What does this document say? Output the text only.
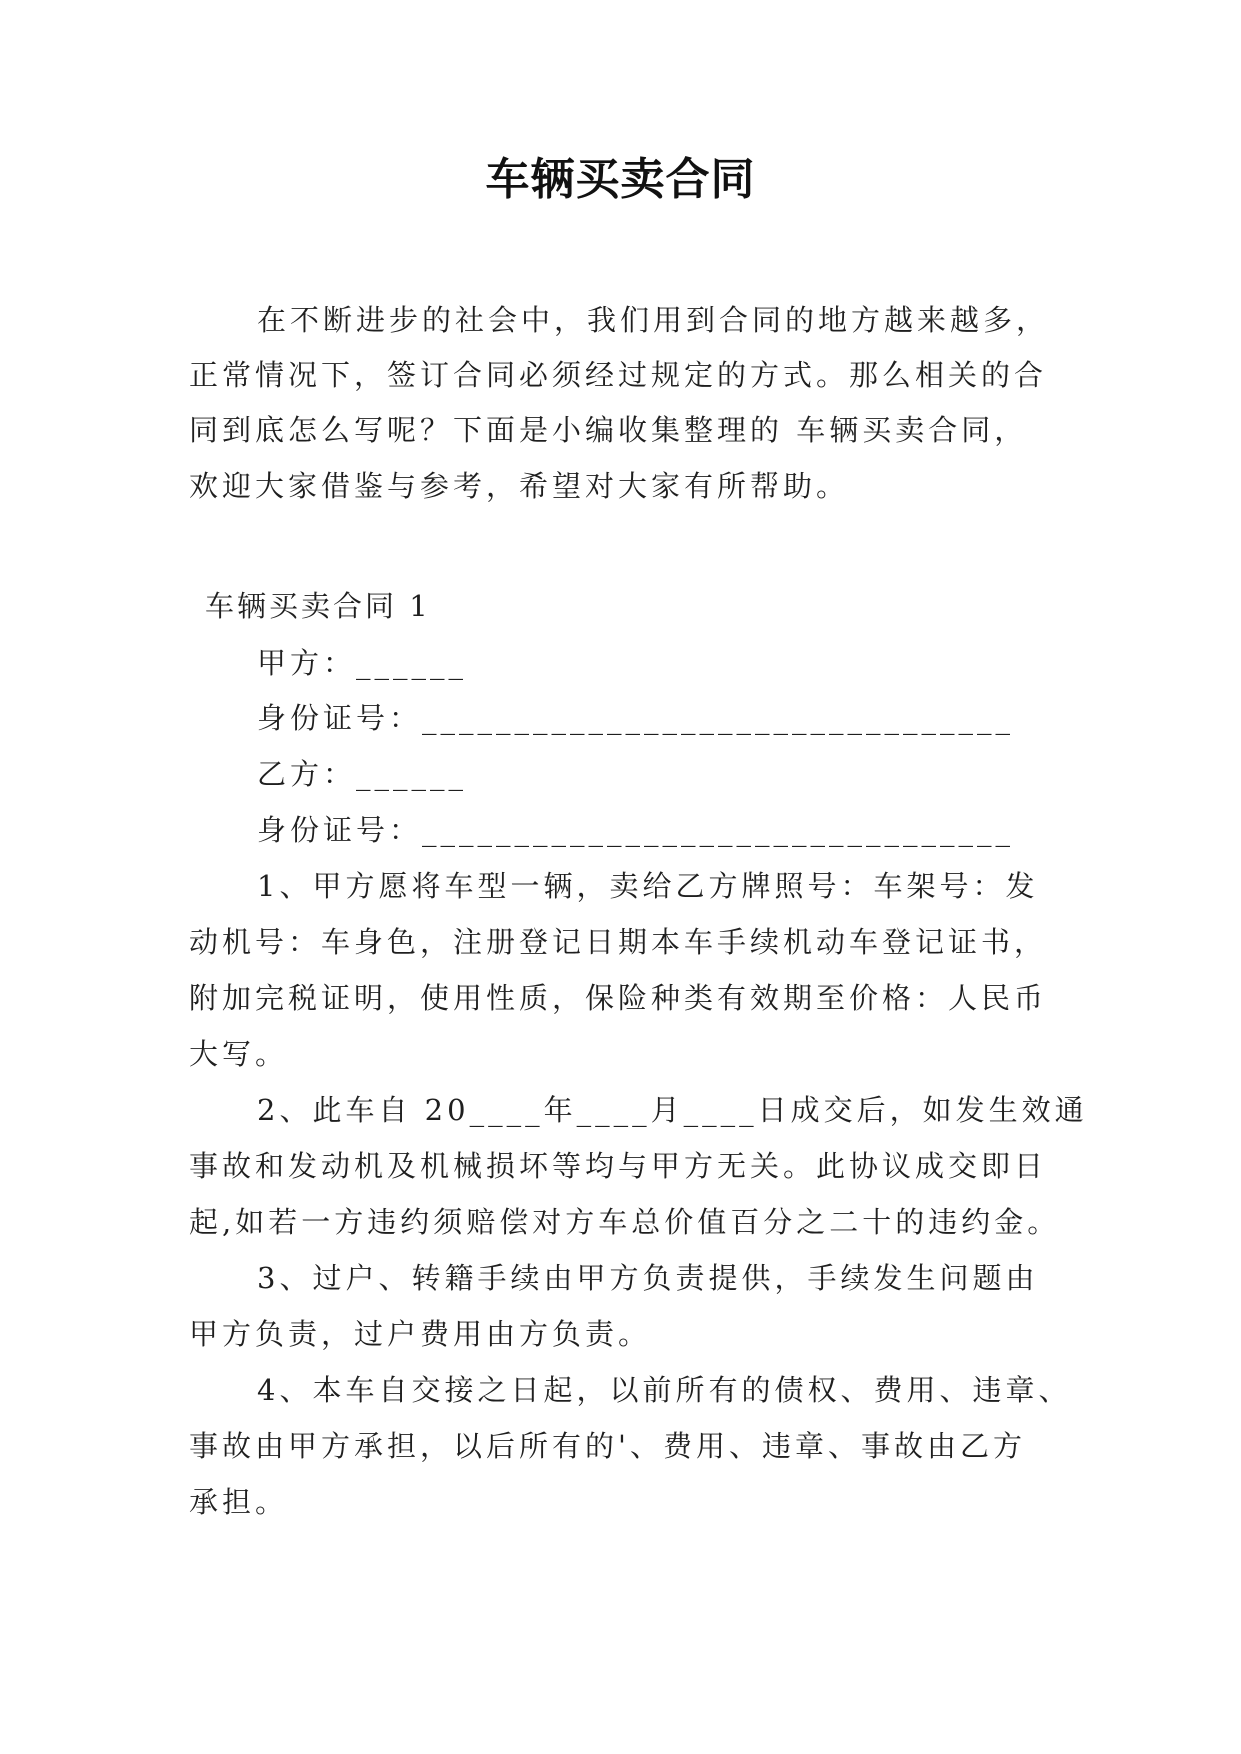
车辆买卖合同
在不断进步的社会中，我们用到合同的地方越来越多，
正常情况下，签订合同必须经过规定的方式。那么相关的合
同到底怎么写呢？下面是小编收集整理的 车辆买卖合同，
欢迎大家借鉴与参考，希望对大家有所帮助。
车辆买卖合同 1
甲方：______
身份证号：________________________________
乙方：______
身份证号：________________________________
1、甲方愿将车型一辆，卖给乙方牌照号：车架号：发
动机号：车身色，注册登记日期本车手续机动车登记证书，
附加完税证明，使用性质，保险种类有效期至价格：人民币
大写。
2、此车自 20____年____月____日成交后，如发生效通
事故和发动机及机械损坏等均与甲方无关。此协议成交即日
起,如若一方违约须赔偿对方车总价值百分之二十的违约金。
3、过户、转籍手续由甲方负责提供，手续发生问题由
甲方负责，过户费用由方负责。
4、本车自交接之日起，以前所有的债权、费用、违章、
事故由甲方承担，以后所有的'、费用、违章、事故由乙方
承担。
